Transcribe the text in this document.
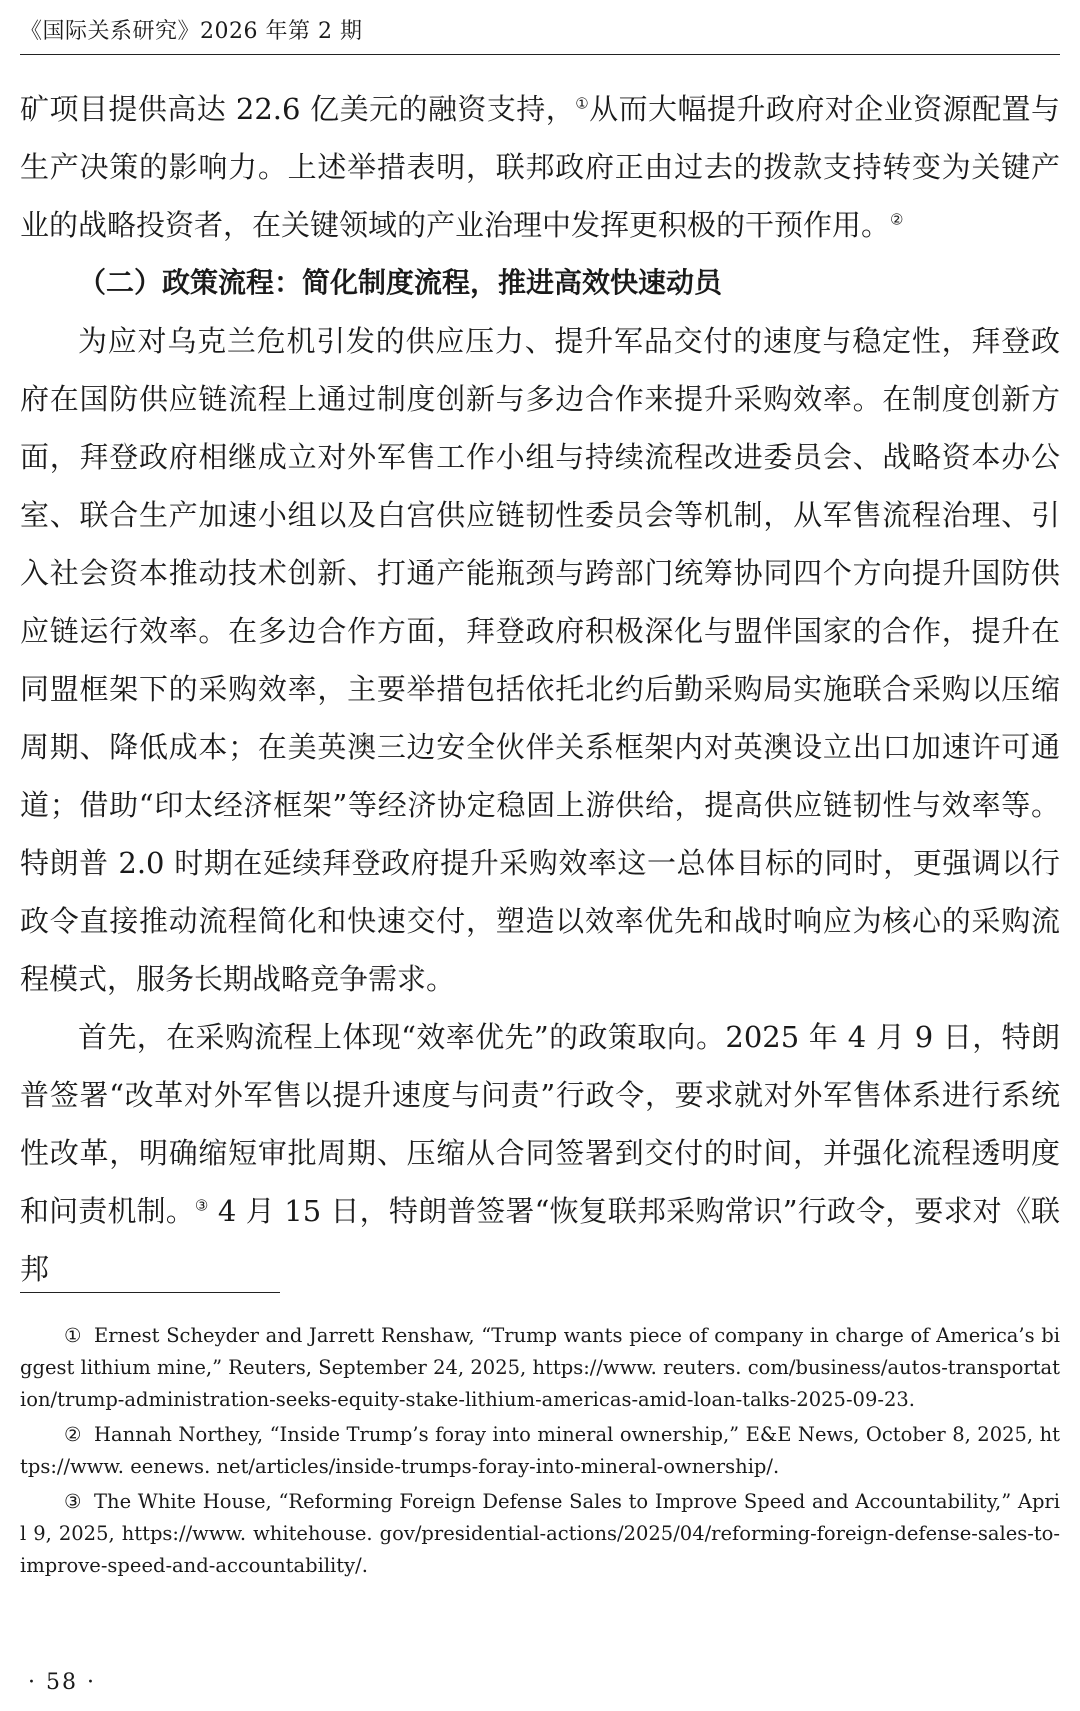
《国际关系研究》2026 年第 2 期

矿项目提供高达 22.6 亿美元的融资支持，①从而大幅提升政府对企业资源配置与生产决策的影响力。上述举措表明，联邦政府正由过去的拨款支持转变为关键产业的战略投资者，在关键领域的产业治理中发挥更积极的干预作用。②

（二）政策流程：简化制度流程，推进高效快速动员

为应对乌克兰危机引发的供应压力、提升军品交付的速度与稳定性，拜登政府在国防供应链流程上通过制度创新与多边合作来提升采购效率。在制度创新方面，拜登政府相继成立对外军售工作小组与持续流程改进委员会、战略资本办公室、联合生产加速小组以及白宫供应链韧性委员会等机制，从军售流程治理、引入社会资本推动技术创新、打通产能瓶颈与跨部门统筹协同四个方向提升国防供应链运行效率。在多边合作方面，拜登政府积极深化与盟伴国家的合作，提升在同盟框架下的采购效率，主要举措包括依托北约后勤采购局实施联合采购以压缩周期、降低成本；在美英澳三边安全伙伴关系框架内对英澳设立出口加速许可通道；借助“印太经济框架”等经济协定稳固上游供给，提高供应链韧性与效率等。特朗普 2.0 时期在延续拜登政府提升采购效率这一总体目标的同时，更强调以行政令直接推动流程简化和快速交付，塑造以效率优先和战时响应为核心的采购流程模式，服务长期战略竞争需求。

首先，在采购流程上体现“效率优先”的政策取向。2025 年 4 月 9 日，特朗普签署“改革对外军售以提升速度与问责”行政令，要求就对外军售体系进行系统性改革，明确缩短审批周期、压缩从合同签署到交付的时间，并强化流程透明度和问责机制。③ 4 月 15 日，特朗普签署“恢复联邦采购常识”行政令，要求对《联邦

① Ernest Scheyder and Jarrett Renshaw, “Trump wants piece of company in charge of America’s biggest lithium mine,” Reuters, September 24, 2025, https://www. reuters. com/business/autos-transportation/trump-administration-seeks-equity-stake-lithium-americas-amid-loan-talks-2025-09-23.

② Hannah Northey, “Inside Trump’s foray into mineral ownership,” E&E News, October 8, 2025, https://www. eenews. net/articles/inside-trumps-foray-into-mineral-ownership/.

③ The White House, “Reforming Foreign Defense Sales to Improve Speed and Accountability,” April 9, 2025, https://www. whitehouse. gov/presidential-actions/2025/04/reforming-foreign-defense-sales-to-improve-speed-and-accountability/.

· 58 ·
